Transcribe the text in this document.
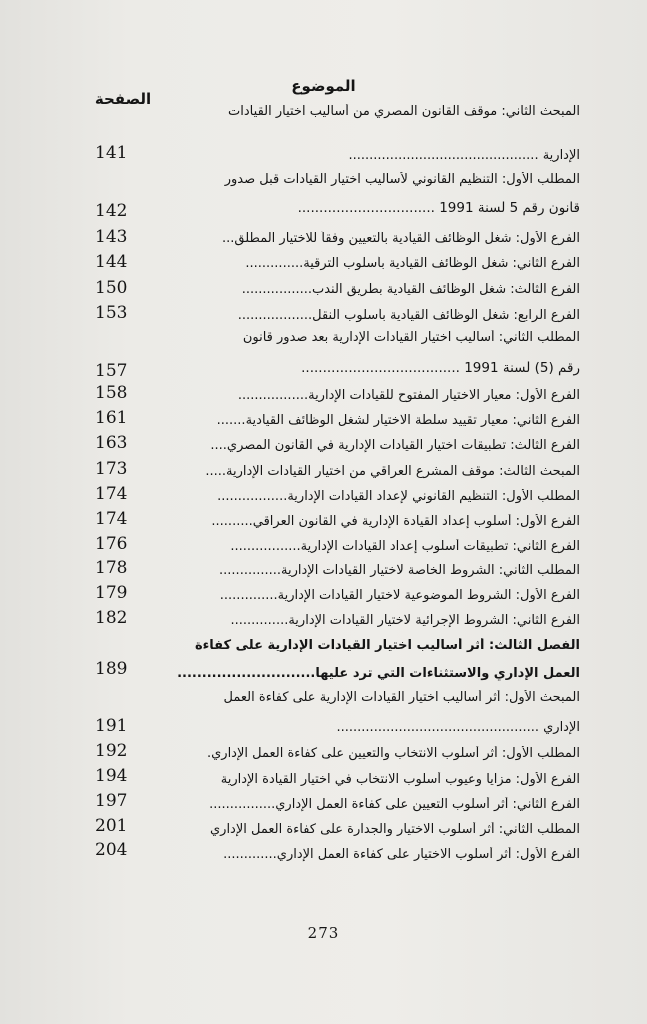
الموضوع
الصفحة
المبحث الثاني: موقف القانون المصري من أساليب اختيار القيادات
الإدارية ..............................................
141
المطلب الأول: التنظيم القانوني لأساليب اختيار القيادات قبل صدور
قانون رقم 5 لسنة 1991 ................................
142
الفرع الأول: شغل الوظائف القيادية بالتعيين وفقاً للاختيار المطلق...
143
الفرع الثاني: شغل الوظائف القيادية بأسلوب الترقية..............
144
الفرع الثالث: شغل الوظائف القيادية بطريق الندب.................
150
الفرع الرابع: شغل الوظائف القيادية بأسلوب النقل..................
153
المطلب الثاني: أساليب اختيار القيادات الإدارية بعد صدور قانون
رقم (5) لسنة 1991 .....................................
157
الفرع الأول: معيار الاختيار المفتوح للقيادات الإدارية.................
158
الفرع الثاني: معيار تقييد سلطة الاختيار لشغل الوظائف القيادية.......
161
الفرع الثالث: تطبيقات اختيار القيادات الإدارية في القانون المصري....
163
المبحث الثالث: موقف المشرع العراقي من اختيار القيادات الإدارية.....
173
المطلب الأول: التنظيم القانوني لإعداد القيادات الإدارية.................
174
الفرع الأول: أسلوب إعداد القيادة الإدارية في القانون العراقي..........
174
الفرع الثاني: تطبيقات أسلوب إعداد القيادات الإدارية.................
176
المطلب الثاني: الشروط الخاصة لاختيار القيادات الإدارية...............
178
الفرع الأول: الشروط الموضوعية لاختيار القيادات الإدارية..............
179
الفرع الثاني: الشروط الإجرائية لاختيار القيادات الإدارية..............
182
الفصل الثالث: أثر أساليب اختيار القيادات الإدارية على كفاءة
العمل الإداري والاستثناءات التي ترد عليها............................
189
المبحث الأول: أثر أساليب اختيار القيادات الإدارية على كفاءة العمل
الإداري .................................................
191
المطلب الأول: أثر أسلوب الانتخاب والتعيين على كفاءة العمل الإداري.
192
الفرع الأول: مزايا وعيوب أسلوب الانتخاب في اختيار القيادة الإدارية
194
الفرع الثاني: أثر أسلوب التعيين على كفاءة العمل الإداري................
197
المطلب الثاني: أثر أسلوب الاختيار والجدارة على كفاءة العمل الإداري
201
الفرع الأول: أثر أسلوب الاختيار على كفاءة العمل الإداري.............
204
273
